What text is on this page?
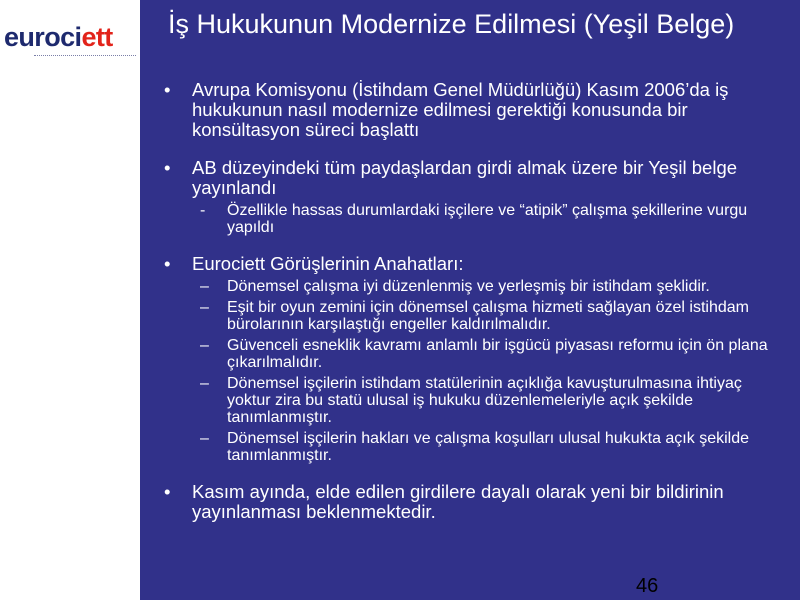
eurociett İş Hukukunun Modernize Edilmesi (Yeşil Belge)
• Avrupa Komisyonu (İstihdam Genel Müdürlüğü) Kasım 2006’da iş hukukunun nasıl modernize edilmesi gerektiği konusunda bir konsültasyon süreci başlattı
• AB düzeyindeki tüm paydaşlardan girdi almak üzere bir Yeşil belge yayınlandı
- Özellikle hassas durumlardaki işçilere ve “atipik” çalışma şekillerine vurgu yapıldı
• Eurociett Görüşlerinin Anahatları:
– Dönemsel çalışma iyi düzenlenmiş ve yerleşmiş bir istihdam şeklidir.
– Eşit bir oyun zemini için dönemsel çalışma hizmeti sağlayan özel istihdam bürolarının karşılaştığı engeller kaldırılmalıdır.
– Güvenceli esneklik kavramı anlamlı bir işgücü piyasası reformu için ön plana çıkarılmalıdır.
– Dönemsel işçilerin istihdam statülerinin açıklığa kavuşturulmasına ihtiyaç yoktur zira bu statü ulusal iş hukuku düzenlemeleriyle açık şekilde tanımlanmıştır.
– Dönemsel işçilerin hakları ve çalışma koşulları ulusal hukukta açık şekilde tanımlanmıştır.
• Kasım ayında, elde edilen girdilere dayalı olarak yeni bir bildirinin yayınlanması beklenmektedir.
46
